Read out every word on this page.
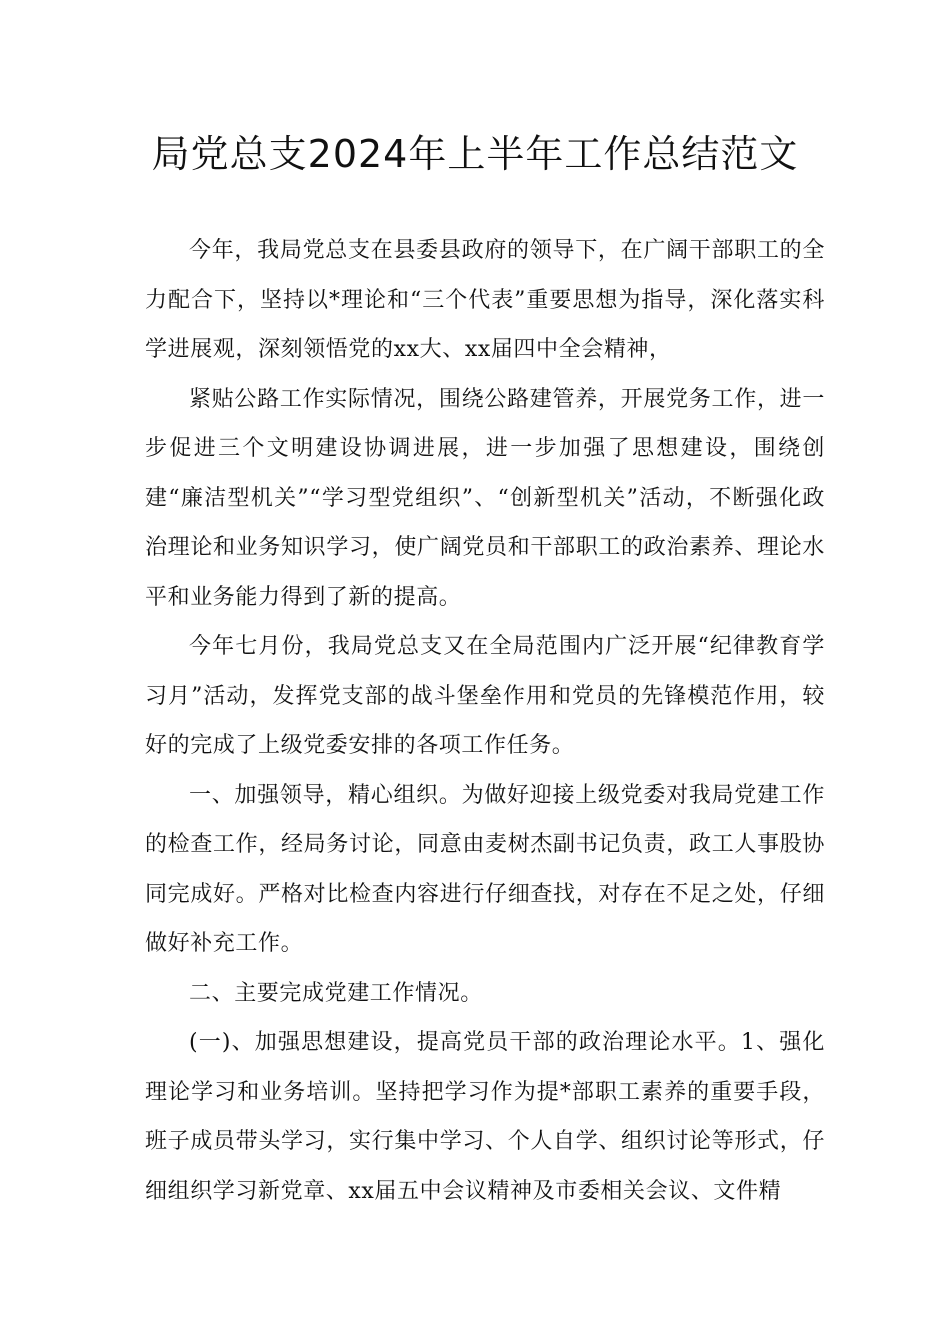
局党总支2024年上半年工作总结范文

今年，我局党总支在县委县政府的领导下，在广阔干部职工的全力配合下，坚持以*理论和“三个代表”重要思想为指导，深化落实科学进展观，深刻领悟党的xx大、xx届四中全会精神，

紧贴公路工作实际情况，围绕公路建管养，开展党务工作，进一步促进三个文明建设协调进展，进一步加强了思想建设，围绕创建“廉洁型机关”“学习型党组织”、“创新型机关”活动，不断强化政治理论和业务知识学习，使广阔党员和干部职工的政治素养、理论水平和业务能力得到了新的提高。

今年七月份，我局党总支又在全局范围内广泛开展“纪律教育学习月”活动，发挥党支部的战斗堡垒作用和党员的先锋模范作用，较好的完成了上级党委安排的各项工作任务。

一、加强领导，精心组织。为做好迎接上级党委对我局党建工作的检查工作，经局务讨论，同意由麦树杰副书记负责，政工人事股协同完成好。严格对比检查内容进行仔细查找，对存在不足之处，仔细做好补充工作。

二、主要完成党建工作情况。

(一)、加强思想建设，提高党员干部的政治理论水平。1、强化理论学习和业务培训。坚持把学习作为提*部职工素养的重要手段，班子成员带头学习，实行集中学习、个人自学、组织讨论等形式，仔细组织学习新党章、xx届五中会议精神及市委相关会议、文件精
